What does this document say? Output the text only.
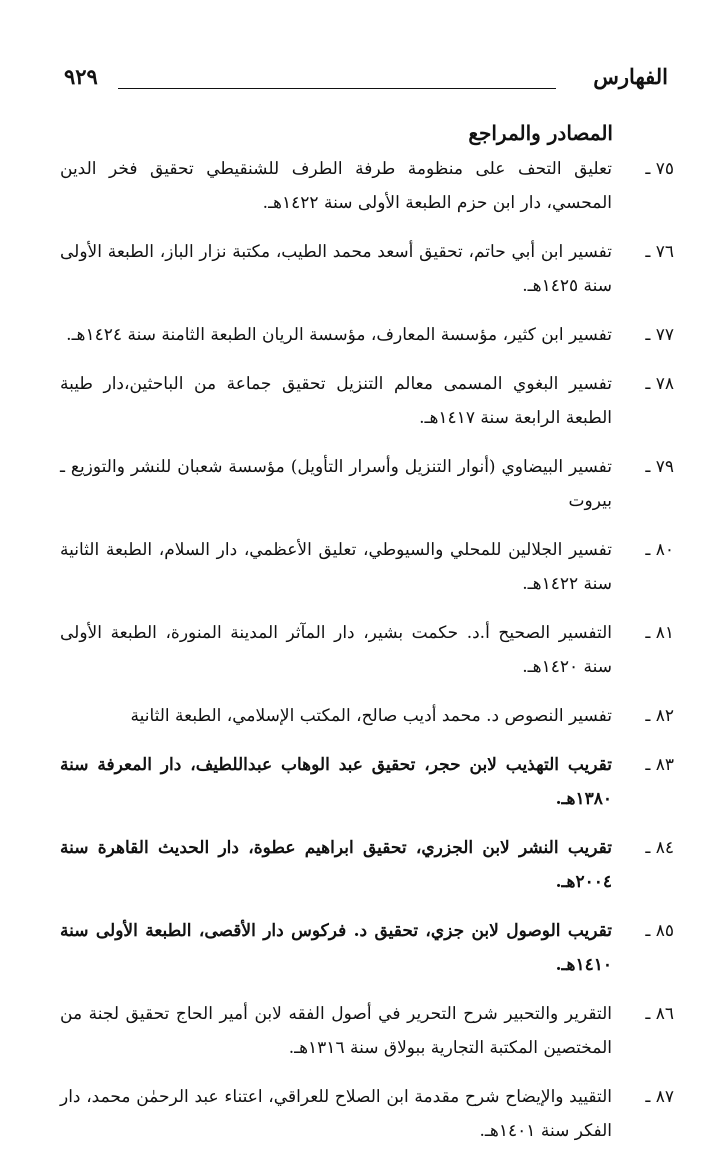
الفهارس
٩٢٩
المصادر والمراجع
٧٥ ـ
تعليق التحف على منظومة طرفة الطرف للشنقيطي تحقيق فخر الدين المحسي، دار ابن حزم الطبعة الأولى سنة ١٤٢٢هـ.
٧٦ ـ
تفسير ابن أبي حاتم، تحقيق أسعد محمد الطيب، مكتبة نزار الباز، الطبعة الأولى سنة ١٤٢٥هـ.
٧٧ ـ
تفسير ابن كثير، مؤسسة المعارف، مؤسسة الريان الطبعة الثامنة سنة ١٤٢٤هـ.
٧٨ ـ
تفسير البغوي المسمى معالم التنزيل تحقيق جماعة من الباحثين،دار طيبة الطبعة الرابعة سنة ١٤١٧هـ.
٧٩ ـ
تفسير البيضاوي (أنوار التنزيل وأسرار التأويل) مؤسسة شعبان للنشر والتوزيع ـ بيروت
٨٠ ـ
تفسير الجلالين للمحلي والسيوطي، تعليق الأعظمي، دار السلام، الطبعة الثانية سنة ١٤٢٢هـ.
٨١ ـ
التفسير الصحيح أ.د. حكمت بشير، دار المآثر المدينة المنورة، الطبعة الأولى سنة ١٤٢٠هـ.
٨٢ ـ
تفسير النصوص د. محمد أديب صالح، المكتب الإسلامي، الطبعة الثانية
٨٣ ـ
تقريب التهذيب لابن حجر، تحقيق عبد الوهاب عبداللطيف، دار المعرفة سنة ١٣٨٠هـ.
٨٤ ـ
تقريب النشر لابن الجزري، تحقيق ابراهيم عطوة، دار الحديث القاهرة سنة ٢٠٠٤هـ.
٨٥ ـ
تقريب الوصول لابن جزي، تحقيق د. فركوس دار الأقصى، الطبعة الأولى سنة ١٤١٠هـ.
٨٦ ـ
التقرير والتحبير شرح التحرير في أصول الفقه لابن أمير الحاج تحقيق لجنة من المختصين المكتبة التجارية ببولاق سنة ١٣١٦هـ.
٨٧ ـ
التقييد والإيضاح شرح مقدمة ابن الصلاح للعراقي، اعتناء عبد الرحمٰن محمد، دار الفكر سنة ١٤٠١هـ.
